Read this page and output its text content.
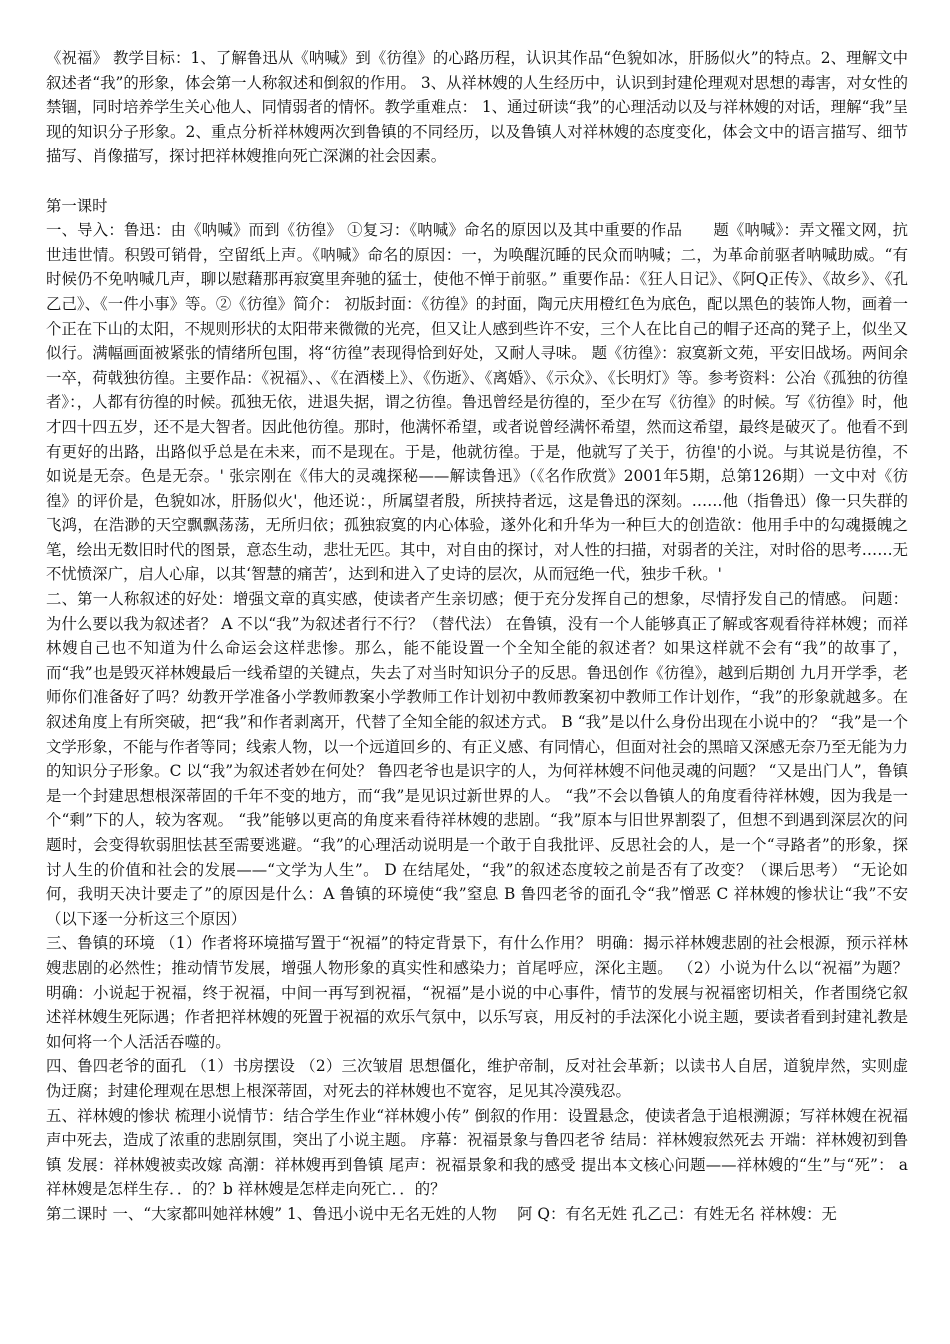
《祝福》 教学目标：1、了解鲁迅从《呐喊》到《彷徨》的心路历程，认识其作品“色貌如冰，肝肠似火”的特点。2、理解文中叙述者“我”的形象，体会第一人称叙述和倒叙的作用。 3、从祥林嫂的人生经历中，认识到封建伦理观对思想的毒害，对女性的禁锢，同时培养学生关心他人、同情弱者的情怀。教学重难点： 1、通过研读“我”的心理活动以及与祥林嫂的对话，理解“我”呈现的知识分子形象。2、重点分析祥林嫂两次到鲁镇的不同经历，以及鲁镇人对祥林嫂的态度变化，体会文中的语言描写、细节描写、肖像描写，探讨把祥林嫂推向死亡深渊的社会因素。

第一课时

一、导入：鲁迅：由《呐喊》而到《彷徨》 ①复习：《呐喊》命名的原因以及其中重要的作品　　题《呐喊》：弄文罹文网，抗世违世情。积毁可销骨，空留纸上声。《呐喊》命名的原因：一，为唤醒沉睡的民众而呐喊；二，为革命前驱者呐喊助威。“有时候仍不免呐喊几声，聊以慰藉那再寂寞里奔驰的猛士，使他不惮于前驱。” 重要作品：《狂人日记》、《阿Q正传》、《故乡》、《孔乙己》、《一件小事》等。②《彷徨》简介： 初版封面：《彷徨》的封面，陶元庆用橙红色为底色，配以黑色的装饰人物，画着一个正在下山的太阳，不规则形状的太阳带来微微的光亮，但又让人感到些许不安，三个人在比自己的帽子还高的凳子上，似坐又似行。满幅画面被紧张的情绪所包围，将“彷徨”表现得恰到好处，又耐人寻味。 题《彷徨》：寂寞新文苑，平安旧战场。两间余一卒，荷戟独彷徨。主要作品：《祝福》、、《在酒楼上》、《伤逝》、《离婚》、《示众》、《长明灯》等。参考资料：公冶《孤独的彷徨者》：，人都有彷徨的时候。孤独无依，进退失据，谓之彷徨。鲁迅曾经是彷徨的，至少在写《彷徨》的时候。写《彷徨》时，他才四十四五岁，还不是大智者。因此他彷徨。那时，他满怀希望，或者说曾经满怀希望，然而这希望，最终是破灭了。他看不到有更好的出路，出路似乎总是在未来，而不是现在。于是，他就彷徨。于是，他就写了关于，彷徨'的小说。与其说是彷徨，不如说是无奈。色是无奈。' 张宗刚在《伟大的灵魂探秘——解读鲁迅》（《名作欣赏》2001年5期，总第126期）一文中对《彷徨》的评价是，色貌如冰，肝肠似火'，他还说：，所属望者殷，所挟持者远，这是鲁迅的深刻。……他（指鲁迅）像一只失群的飞鸿，在浩渺的天空飘飘荡荡，无所归依；孤独寂寞的内心体验，遂外化和升华为一种巨大的创造欲：他用手中的勾魂摄魄之笔，绘出无数旧时代的图景，意态生动，悲壮无匹。其中，对自由的探讨，对人性的扫描，对弱者的关注，对时俗的思考……无不忧愤深广，启人心扉，以其‘智慧的痛苦’，达到和进入了史诗的层次，从而冠绝一代，独步千秋。'

二、第一人称叙述的好处：增强文章的真实感，使读者产生亲切感；便于充分发挥自己的想象，尽情抒发自己的情感。 问题：为什么要以我为叙述者？ A 不以“我”为叙述者行不行？（替代法） 在鲁镇，没有一个人能够真正了解或客观看待祥林嫂；而祥林嫂自己也不知道为什么命运会这样悲惨。那么，能不能设置一个全知全能的叙述者？如果这样就不会有“我”的故事了，而“我”也是毁灭祥林嫂最后一线希望的关键点，失去了对当时知识分子的反思。鲁迅创作《彷徨》，越到后期创 九月开学季，老师你们准备好了吗？幼教开学准备小学教师教案小学教师工作计划初中教师教案初中教师工作计划作，“我”的形象就越多。在叙述角度上有所突破，把“我”和作者剥离开，代替了全知全能的叙述方式。 B “我”是以什么身份出现在小说中的？ “我”是一个文学形象，不能与作者等同；线索人物，以一个远道回乡的、有正义感、有同情心，但面对社会的黑暗又深感无奈乃至无能为力的知识分子形象。C 以“我”为叙述者妙在何处？ 鲁四老爷也是识字的人，为何祥林嫂不问他灵魂的问题？ “又是出门人”，鲁镇是一个封建思想根深蒂固的千年不变的地方，而“我”是见识过新世界的人。 “我”不会以鲁镇人的角度看待祥林嫂，因为我是一个“剩”下的人，较为客观。 “我”能够以更高的角度来看待祥林嫂的悲剧。“我”原本与旧世界割裂了，但想不到遇到深层次的问题时，会变得软弱胆怯甚至需要逃避。“我”的心理活动说明是一个敢于自我批评、反思社会的人，是一个“寻路者”的形象，探讨人生的价值和社会的发展——“文学为人生”。 D 在结尾处，“我”的叙述态度较之前是否有了改变？（课后思考） “无论如何，我明天决计要走了”的原因是什么：A 鲁镇的环境使“我”窒息 B 鲁四老爷的面孔令“我”憎恶 C 祥林嫂的惨状让“我”不安 （以下逐一分析这三个原因）

三、鲁镇的环境 （1）作者将环境描写置于“祝福”的特定背景下，有什么作用？ 明确：揭示祥林嫂悲剧的社会根源，预示祥林嫂悲剧的必然性；推动情节发展，增强人物形象的真实性和感染力；首尾呼应，深化主题。 （2）小说为什么以“祝福”为题？ 明确：小说起于祝福，终于祝福，中间一再写到祝福，“祝福”是小说的中心事件，情节的发展与祝福密切相关，作者围绕它叙述祥林嫂生死际遇；作者把祥林嫂的死置于祝福的欢乐气氛中，以乐写哀，用反衬的手法深化小说主题，要读者看到封建礼教是如何将一个人活活吞噬的。

四、鲁四老爷的面孔 （1）书房摆设 （2）三次皱眉 思想僵化，维护帝制，反对社会革新；以读书人自居，道貌岸然，实则虚伪迂腐；封建伦理观在思想上根深蒂固，对死去的祥林嫂也不宽容，足见其冷漠残忍。

五、祥林嫂的惨状 梳理小说情节：结合学生作业“祥林嫂小传” 倒叙的作用：设置悬念，使读者急于追根溯源；写祥林嫂在祝福声中死去，造成了浓重的悲剧氛围，突出了小说主题。 序幕：祝福景象与鲁四老爷 结局：祥林嫂寂然死去 开端：祥林嫂初到鲁镇 发展：祥林嫂被卖改嫁 高潮：祥林嫂再到鲁镇 尾声：祝福景象和我的感受 提出本文核心问题——祥林嫂的“生”与“死”： a 祥林嫂是怎样生存．．的？b 祥林嫂是怎样走向死亡．．的？

第二课时 一、“大家都叫她祥林嫂” 1、鲁迅小说中无名无姓的人物　 阿 Q：有名无姓 孔乙己：有姓无名 祥林嫂：无
